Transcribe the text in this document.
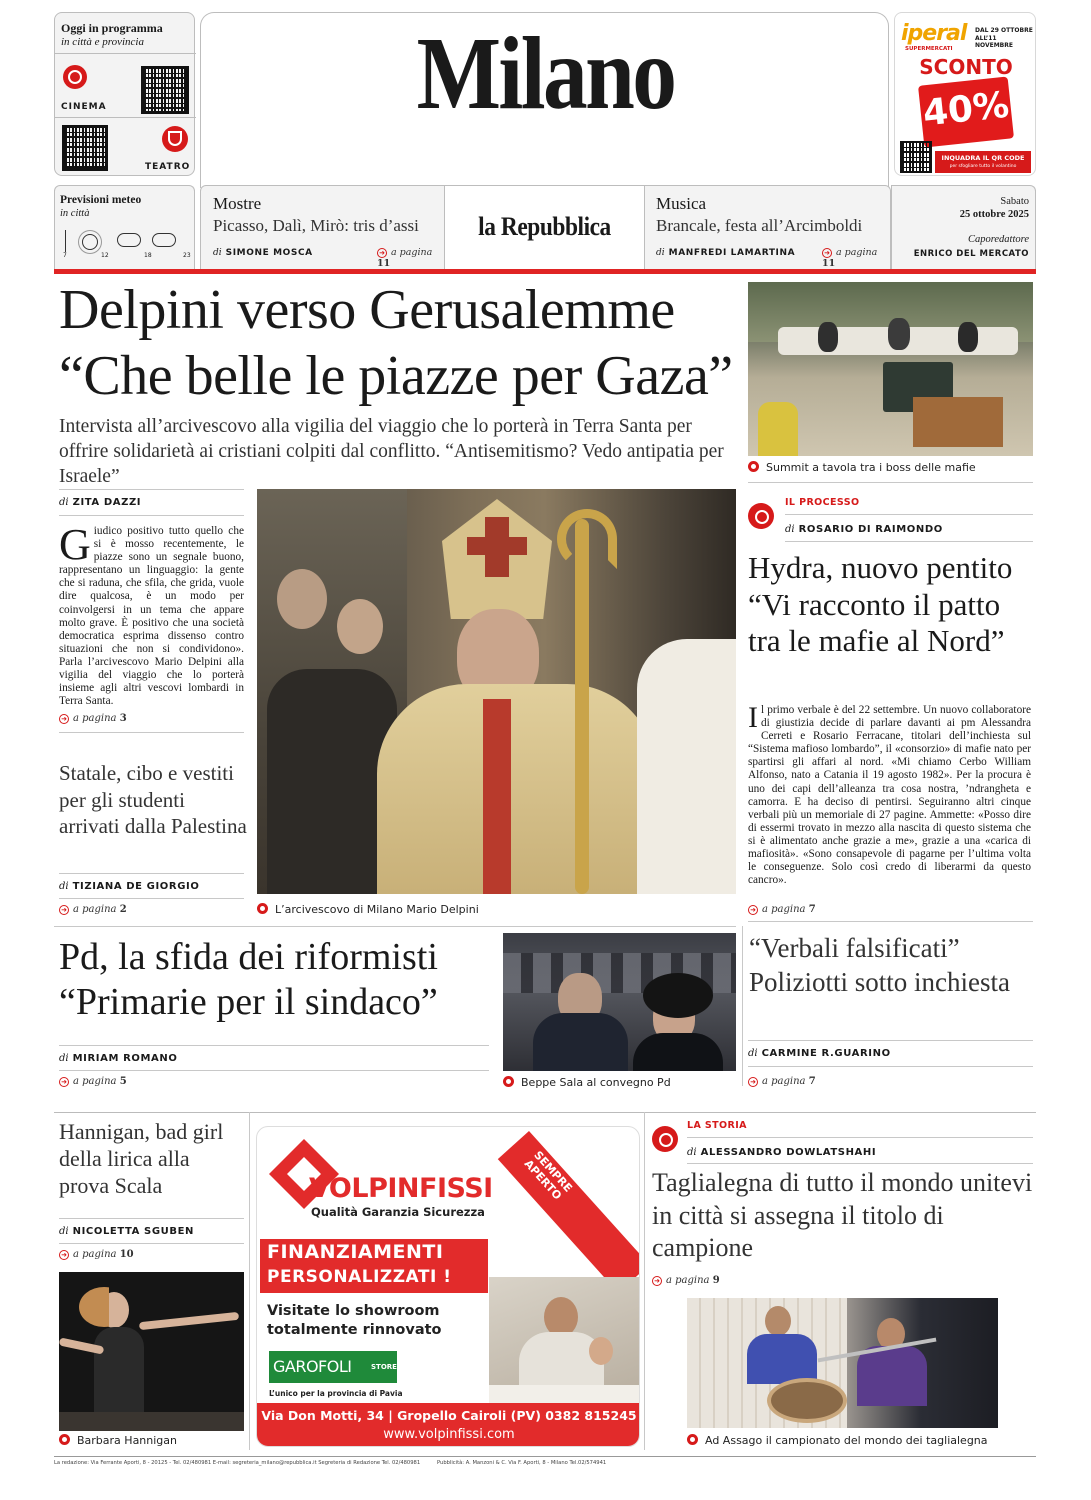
Oggi in programma
in città e provincia
CINEMA
TEATRO
Milano	iperal
SUPERMERCATI
DAL 29 OTTOBRE
ALL’11 NOVEMBRE
SCONTO
40%
INQUADRA IL QR CODE
per sfogliare tutto il volantino
Previsioni meteo
in città
7	12	18	23
Mostre
Picasso, Dalì, Mirò: tris d’assi
di SIMONE MOSCA	➜ a pagina 11
la Repubblica
Musica
Brancale, festa all’Arcimboldi
di MANFREDI LAMARTINA	➜ a pagina 11
Sabato
25 ottobre 2025
Caporedattore
ENRICO DEL MERCATO
Delpini verso Gerusalemme
“Che belle le piazze per Gaza”
Intervista all’arcivescovo alla vigilia del viaggio che lo porterà in Terra Santa per offrire solidarietà ai cristiani colpiti dal conflitto. “Antisemitismo? Vedo antipatia per Israele”
di ZITA DAZZI
Giudico positivo tutto quello che si è mosso recentemente, le piazze sono un segnale buono, rappresentano un linguaggio: la gente che si raduna, che sfila, che grida, vuole dire qualcosa, è un modo per coinvolgersi in un tema che appare molto grave. È positivo che una società democratica esprima dissenso contro situazioni che non si condividono». Parla l’arcivescovo Mario Delpini alla vigilia del viaggio che lo porterà insieme agli altri vescovi lombardi in Terra Santa.
➜ a pagina 3
Statale, cibo e vestiti per gli studenti arrivati dalla Palestina
di TIZIANA DE GIORGIO
➜ a pagina 2	L’arcivescovo di Milano Mario Delpini
Summit a tavola tra i boss delle mafie
IL PROCESSO
di ROSARIO DI RAIMONDO
Hydra, nuovo pentito “Vi racconto il patto tra le mafie al Nord”
Il primo verbale è del 22 settembre. Un nuovo collaboratore di giustizia decide di parlare davanti ai pm Alessandra Cerreti e Rosario Ferracane, titolari dell’inchiesta sul “Sistema mafioso lombardo”, il «consorzio» di mafie nato per spartirsi gli affari al nord. «Mi chiamo Cerbo William Alfonso, nato a Catania il 19 agosto 1982». Per la procura è uno dei capi dell’alleanza tra cosa nostra, ’ndrangheta e camorra. E ha deciso di pentirsi. Seguiranno altri cinque verbali più un memoriale di 27 pagine. Ammette: «Posso dire di essermi trovato in mezzo alla nascita di questo sistema che si è alimentato anche grazie a me», grazie a una «carica di mafiosità». «Sono consapevole di pagarne per l’ultima volta le conseguenze. Solo così credo di liberarmi da questo cancro».
➜ a pagina 7
Pd, la sfida dei riformisti
“Primarie per il sindaco”
di MIRIAM ROMANO
➜ a pagina 5	Beppe Sala al convegno Pd
“Verbali falsificati”
Poliziotti sotto inchiesta
di CARMINE R.GUARINO
➜ a pagina 7
Hannigan, bad girl della lirica alla prova Scala
di NICOLETTA SGUBEN
➜ a pagina 10
Barbara Hannigan
VOLPINFISSI
Qualità Garanzia Sicurezza
SABATO
SEMPRE APERTO
FINANZIAMENTI
PERSONALIZZATI !
Visitate lo showroom
totalmente rinnovato
GAROFOLI	STORE
L’unico per la provincia di Pavia
Via Don Motti, 34 | Gropello Cairoli (PV) 0382 815245
www.volpinfissi.com
LA STORIA
di ALESSANDRO DOWLATSHAHI
Taglialegna di tutto il mondo unitevi in città si assegna il titolo di campione
➜ a pagina 9
Ad Assago il campionato del mondo dei taglialegna
La redazione: Via Ferrante Aporti, 8 - 20125 - Tel. 02/480981 E-mail: segreteria_milano@repubblica.it Segreteria di Redazione Tel. 02/480981	Pubblicità: A. Manzoni & C. Via F. Aporti, 8 - Milano Tel.02/574941
